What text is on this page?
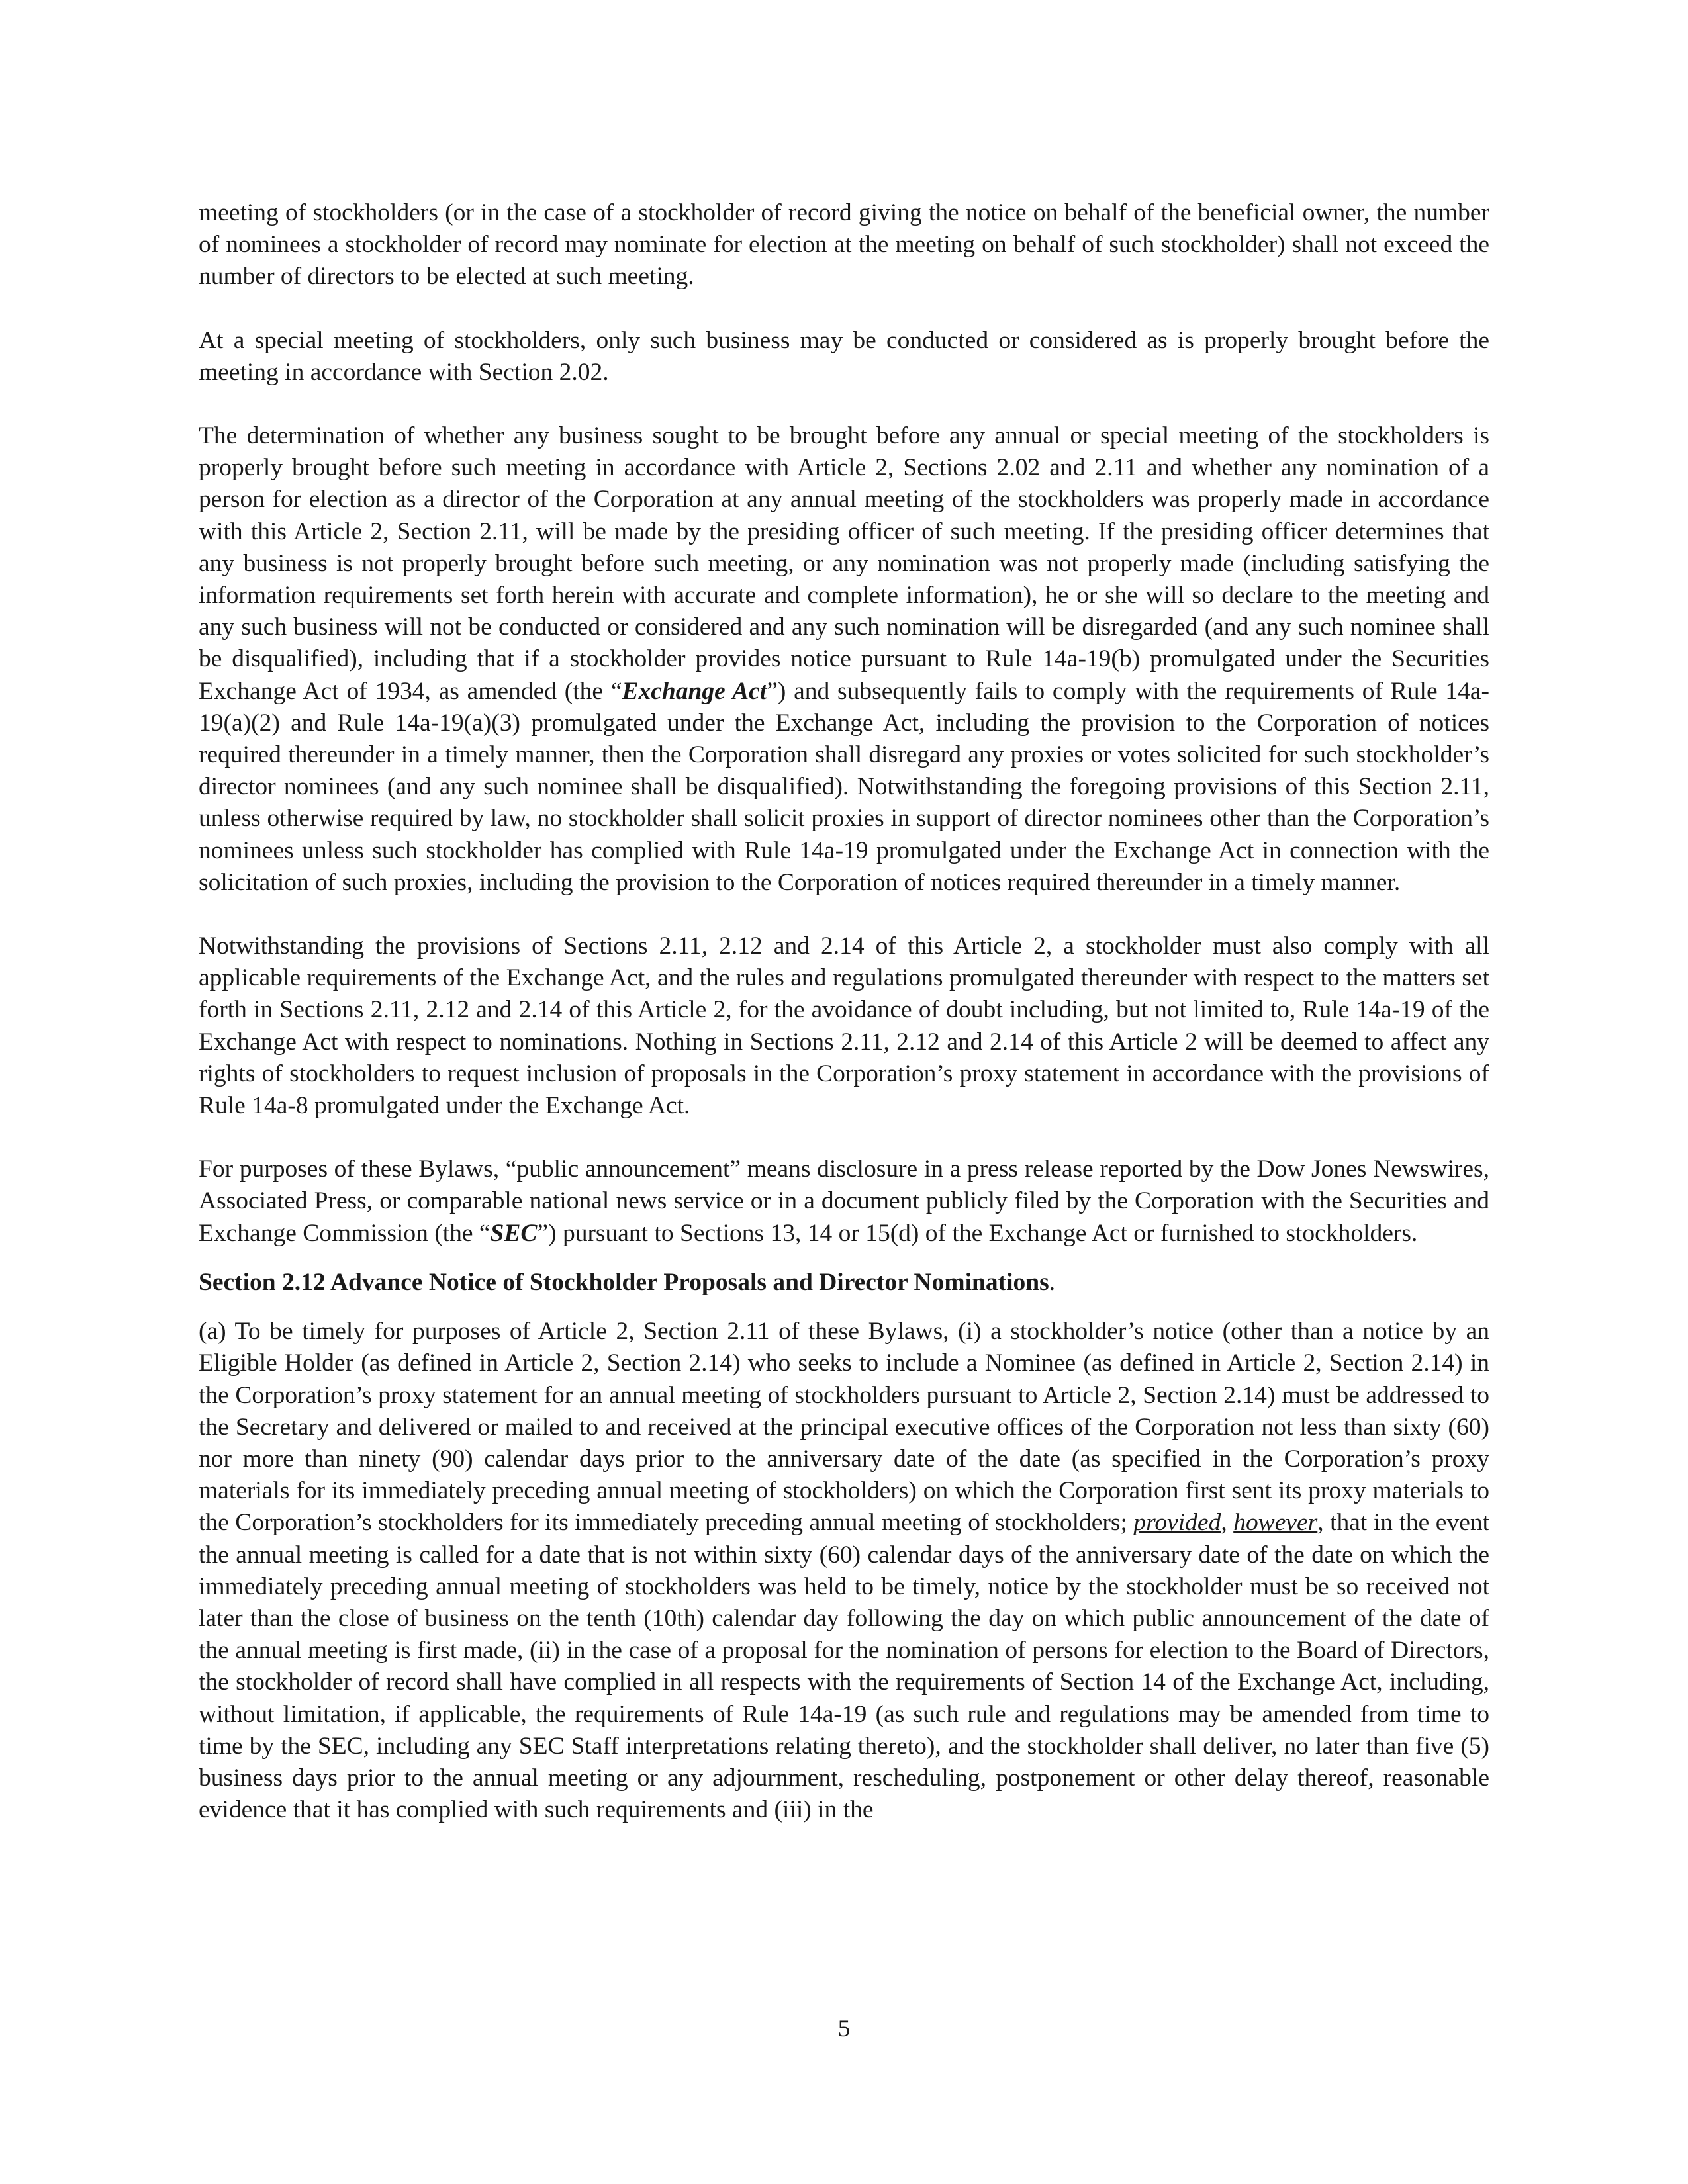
meeting of stockholders (or in the case of a stockholder of record giving the notice on behalf of the beneficial owner, the number of nominees a stockholder of record may nominate for election at the meeting on behalf of such stockholder) shall not exceed the number of directors to be elected at such meeting.

At a special meeting of stockholders, only such business may be conducted or considered as is properly brought before the meeting in accordance with Section 2.02.

The determination of whether any business sought to be brought before any annual or special meeting of the stockholders is properly brought before such meeting in accordance with Article 2, Sections 2.02 and 2.11 and whether any nomination of a person for election as a director of the Corporation at any annual meeting of the stockholders was properly made in accordance with this Article 2, Section 2.11, will be made by the presiding officer of such meeting. If the presiding officer determines that any business is not properly brought before such meeting, or any nomination was not properly made (including satisfying the information requirements set forth herein with accurate and complete information), he or she will so declare to the meeting and any such business will not be conducted or considered and any such nomination will be disregarded (and any such nominee shall be disqualified), including that if a stockholder provides notice pursuant to Rule 14a-19(b) promulgated under the Securities Exchange Act of 1934, as amended (the “Exchange Act”) and subsequently fails to comply with the requirements of Rule 14a-19(a)(2) and Rule 14a-19(a)(3) promulgated under the Exchange Act, including the provision to the Corporation of notices required thereunder in a timely manner, then the Corporation shall disregard any proxies or votes solicited for such stockholder’s director nominees (and any such nominee shall be disqualified). Notwithstanding the foregoing provisions of this Section 2.11, unless otherwise required by law, no stockholder shall solicit proxies in support of director nominees other than the Corporation’s nominees unless such stockholder has complied with Rule 14a-19 promulgated under the Exchange Act in connection with the solicitation of such proxies, including the provision to the Corporation of notices required thereunder in a timely manner.

Notwithstanding the provisions of Sections 2.11, 2.12 and 2.14 of this Article 2, a stockholder must also comply with all applicable requirements of the Exchange Act, and the rules and regulations promulgated thereunder with respect to the matters set forth in Sections 2.11, 2.12 and 2.14 of this Article 2, for the avoidance of doubt including, but not limited to, Rule 14a-19 of the Exchange Act with respect to nominations. Nothing in Sections 2.11, 2.12 and 2.14 of this Article 2 will be deemed to affect any rights of stockholders to request inclusion of proposals in the Corporation’s proxy statement in accordance with the provisions of Rule 14a-8 promulgated under the Exchange Act.

For purposes of these Bylaws, “public announcement” means disclosure in a press release reported by the Dow Jones Newswires, Associated Press, or comparable national news service or in a document publicly filed by the Corporation with the Securities and Exchange Commission (the “SEC”) pursuant to Sections 13, 14 or 15(d) of the Exchange Act or furnished to stockholders.

Section 2.12 Advance Notice of Stockholder Proposals and Director Nominations.

(a) To be timely for purposes of Article 2, Section 2.11 of these Bylaws, (i) a stockholder’s notice (other than a notice by an Eligible Holder (as defined in Article 2, Section 2.14) who seeks to include a Nominee (as defined in Article 2, Section 2.14) in the Corporation’s proxy statement for an annual meeting of stockholders pursuant to Article 2, Section 2.14) must be addressed to the Secretary and delivered or mailed to and received at the principal executive offices of the Corporation not less than sixty (60) nor more than ninety (90) calendar days prior to the anniversary date of the date (as specified in the Corporation’s proxy materials for its immediately preceding annual meeting of stockholders) on which the Corporation first sent its proxy materials to the Corporation’s stockholders for its immediately preceding annual meeting of stockholders; provided, however, that in the event the annual meeting is called for a date that is not within sixty (60) calendar days of the anniversary date of the date on which the immediately preceding annual meeting of stockholders was held to be timely, notice by the stockholder must be so received not later than the close of business on the tenth (10th) calendar day following the day on which public announcement of the date of the annual meeting is first made, (ii) in the case of a proposal for the nomination of persons for election to the Board of Directors, the stockholder of record shall have complied in all respects with the requirements of Section 14 of the Exchange Act, including, without limitation, if applicable, the requirements of Rule 14a-19 (as such rule and regulations may be amended from time to time by the SEC, including any SEC Staff interpretations relating thereto), and the stockholder shall deliver, no later than five (5) business days prior to the annual meeting or any adjournment, rescheduling, postponement or other delay thereof, reasonable evidence that it has complied with such requirements and (iii) in the

5
